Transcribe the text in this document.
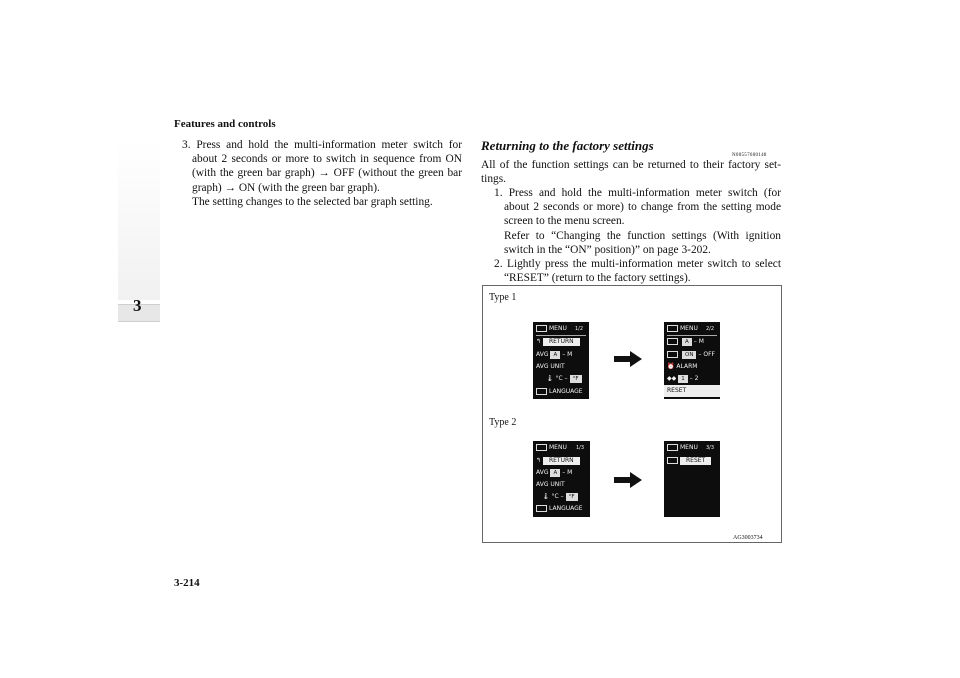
Features and controls
3-214
3

3. Press and hold the multi-information meter switch for about 2 seconds or more to switch in sequence from ON (with the green bar graph) → OFF (without the green bar graph) → ON (with the green bar graph).

The setting changes to the selected bar graph setting.

Returning to the factory settings
N00557600148
All of the function settings can be returned to their factory set-tings.

1. Press and hold the multi-information meter switch (for about 2 seconds or more) to change from the setting mode screen to the menu screen.

Refer to “Changing the function settings (With ignition switch in the “ON” position)” on page 3-202.

2. Lightly press the multi-information meter switch to select “RESET” (return to the factory settings).

Type 1
Type 2
AG3003734
MENU 1/2
↰ RETURN
AVG A – M
AVG UNIT
🌡 °C – °F
LANGUAGE
MENU 2/2
A – M
ON – OFF
⏰ ALARM
◆◆ 1 – 2
RESET
MENU 1/3
↰ RETURN
AVG A – M
AVG UNIT
🌡 °C – °F
LANGUAGE
MENU 3/3
RESET
